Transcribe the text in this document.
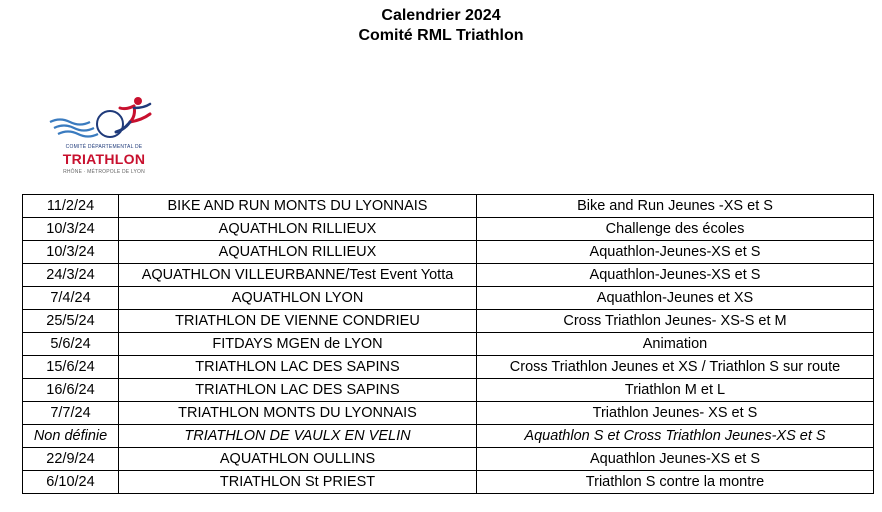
Calendrier 2024
Comité RML Triathlon
COMITÉ DÉPARTEMENTAL DE
TRIATHLON
RHÔNE · MÉTROPOLE DE LYON
11/2/24	BIKE AND RUN MONTS DU LYONNAIS	Bike and Run Jeunes -XS et S
10/3/24	AQUATHLON RILLIEUX	Challenge des écoles
10/3/24	AQUATHLON RILLIEUX	Aquathlon-Jeunes-XS et S
24/3/24	AQUATHLON VILLEURBANNE/Test Event Yotta	Aquathlon-Jeunes-XS et S
7/4/24	AQUATHLON LYON	Aquathlon-Jeunes et XS
25/5/24	TRIATHLON DE VIENNE CONDRIEU	Cross Triathlon Jeunes- XS-S et M
5/6/24	FITDAYS MGEN de LYON	Animation
15/6/24	TRIATHLON LAC DES SAPINS	Cross Triathlon Jeunes et XS / Triathlon S sur route
16/6/24	TRIATHLON LAC DES SAPINS	Triathlon M et L
7/7/24	TRIATHLON MONTS DU LYONNAIS	Triathlon Jeunes- XS et S
Non définie	TRIATHLON DE VAULX EN VELIN	Aquathlon S et Cross Triathlon Jeunes-XS et S
22/9/24	AQUATHLON OULLINS	Aquathlon Jeunes-XS et S
6/10/24	TRIATHLON St PRIEST	Triathlon S contre la montre
